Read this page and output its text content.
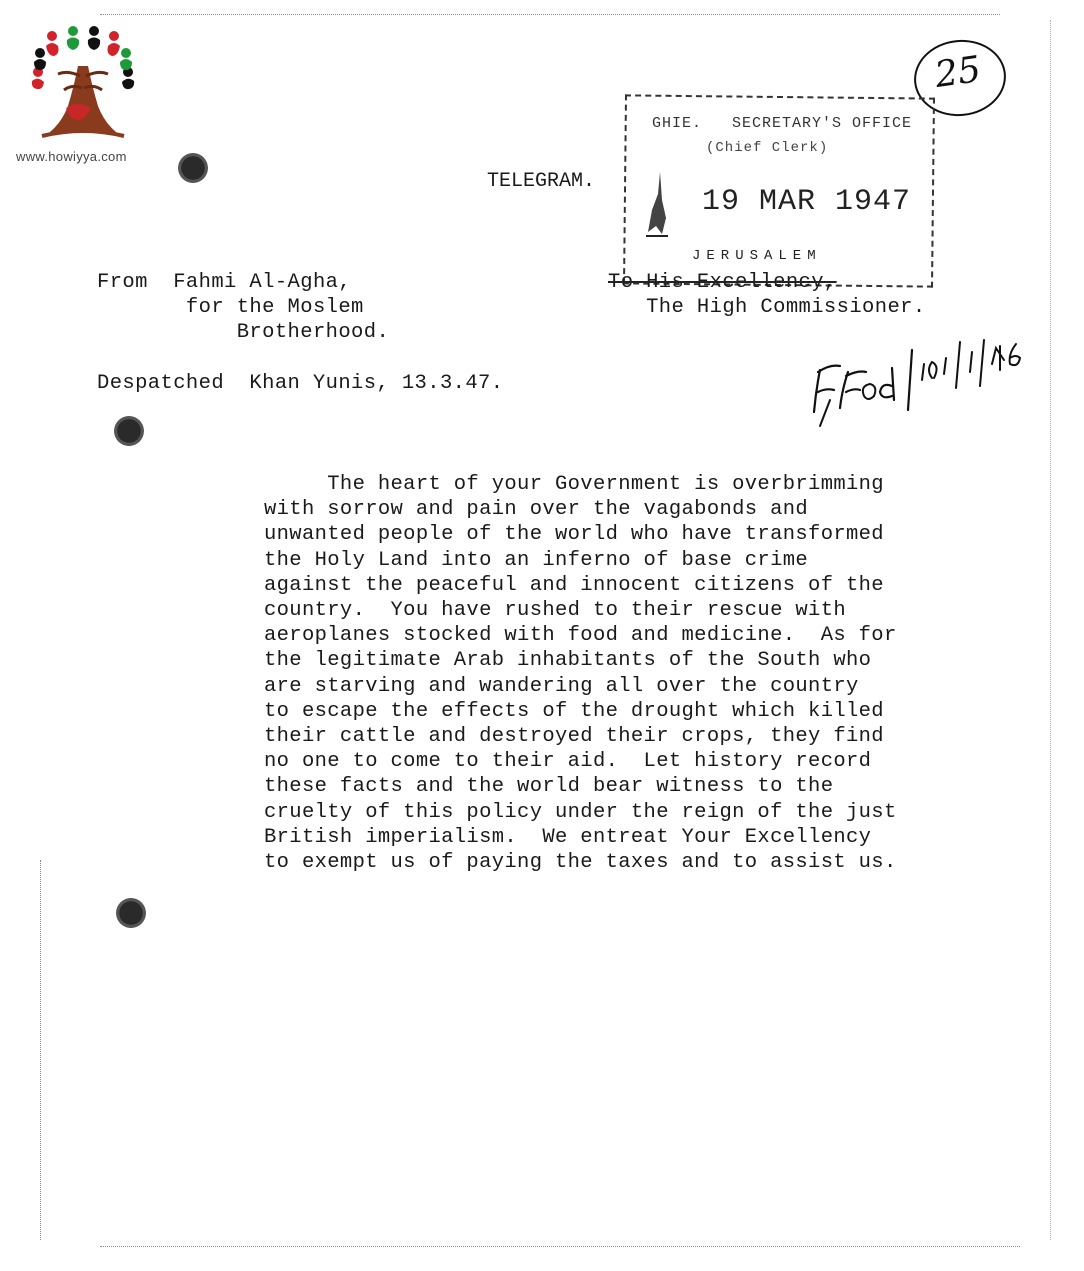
www.howiyya.com
25
GHIE.   SECRETARY'S OFFICE
(Chief Clerk)
19 MAR 1947
JERUSALEM
TELEGRAM.
From Fahmi Al-Agha,
for the Moslem
Brotherhood.
To His Excellency,
The High Commissioner.
Despatched  Khan Yunis, 13.3.47.
The heart of your Government is overbrimming
with sorrow and pain over the vagabonds and
unwanted people of the world who have transformed
the Holy Land into an inferno of base crime
against the peaceful and innocent citizens of the
country.  You have rushed to their rescue with
aeroplanes stocked with food and medicine.  As for
the legitimate Arab inhabitants of the South who
are starving and wandering all over the country
to escape the effects of the drought which killed
their cattle and destroyed their crops, they find
no one to come to their aid.  Let history record
these facts and the world bear witness to the
cruelty of this policy under the reign of the just
British imperialism.  We entreat Your Excellency
to exempt us of paying the taxes and to assist us.
